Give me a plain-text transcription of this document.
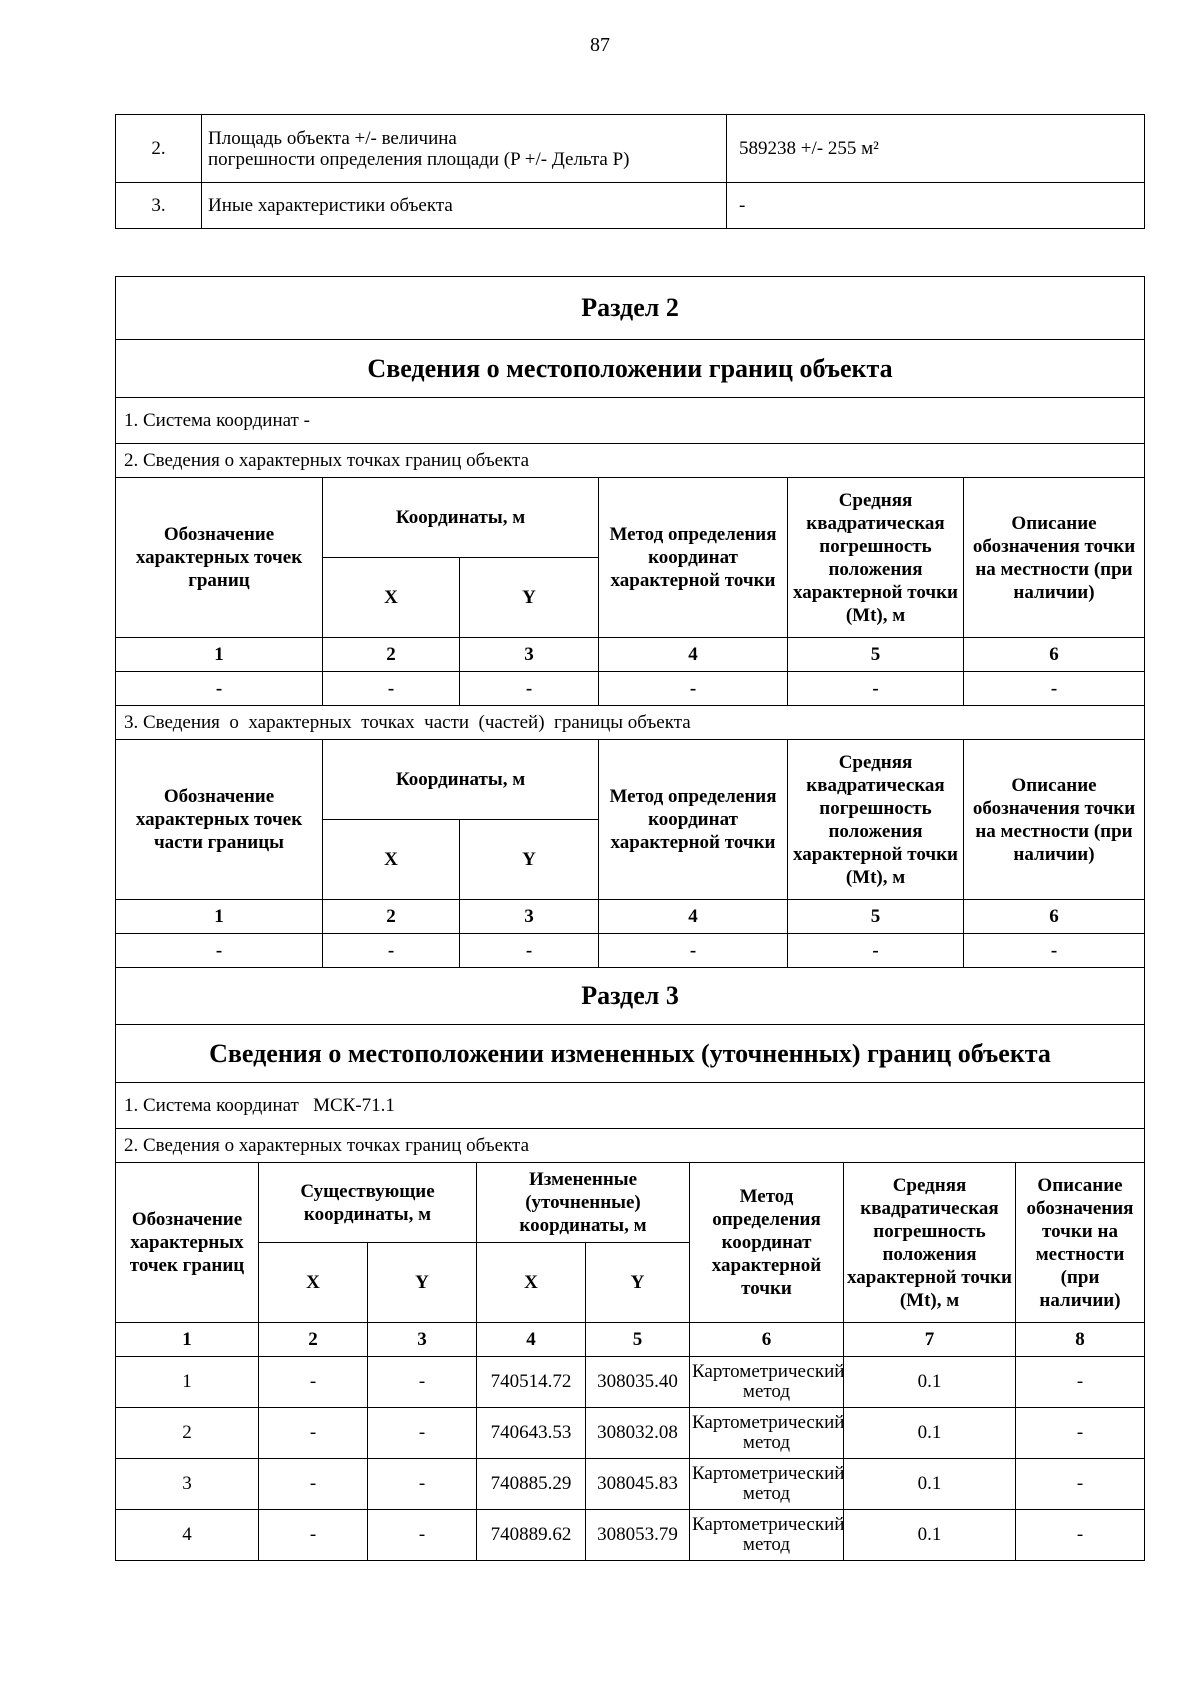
87
2.	Площадь объекта +/- величина
погрешности определения площади (P +/- Дельта P)	589238 +/- 255 м²
3.	Иные характеристики объекта	-
Раздел 2					
Сведения о местоположении границ объекта					
1. Система координат -					
2. Сведения о характерных точках границ объекта					
Обозначение характерных точек границ	Координаты, м		Метод определения координат характерной точки	Средняя квадратическая погрешность положения характерной точки (Mt), м	Описание обозначения точки на местности (при наличии)
	X	Y			
1	2	3	4	5	6
-	-	-	-	-	-
3. Сведения  о  характерных  точках  части  (частей)  границы объекта					
Обозначение характерных точек части границы	Координаты, м		Метод определения координат характерной точки	Средняя квадратическая погрешность положения характерной точки (Mt), м	Описание обозначения точки на местности (при наличии)
	X	Y			
1	2	3	4	5	6
-	-	-	-	-	-
Раздел 3							
Сведения о местоположении измененных (уточненных) границ объекта							
1. Система координат   МСК-71.1							
2. Сведения о характерных точках границ объекта							
Обозначение характерных точек границ	Существующие координаты, м		Измененные (уточненные) координаты, м		Метод определения координат характерной точки	Средняя квадратическая погрешность положения характерной точки (Mt), м	Описание обозначения точки на местности (при наличии)
	X	Y	X	Y			
1	2	3	4	5	6	7	8
1	-	-	740514.72	308035.40	Картометрический метод	0.1	-
2	-	-	740643.53	308032.08	Картометрический метод	0.1	-
3	-	-	740885.29	308045.83	Картометрический метод	0.1	-
4	-	-	740889.62	308053.79	Картометрический метод	0.1	-
